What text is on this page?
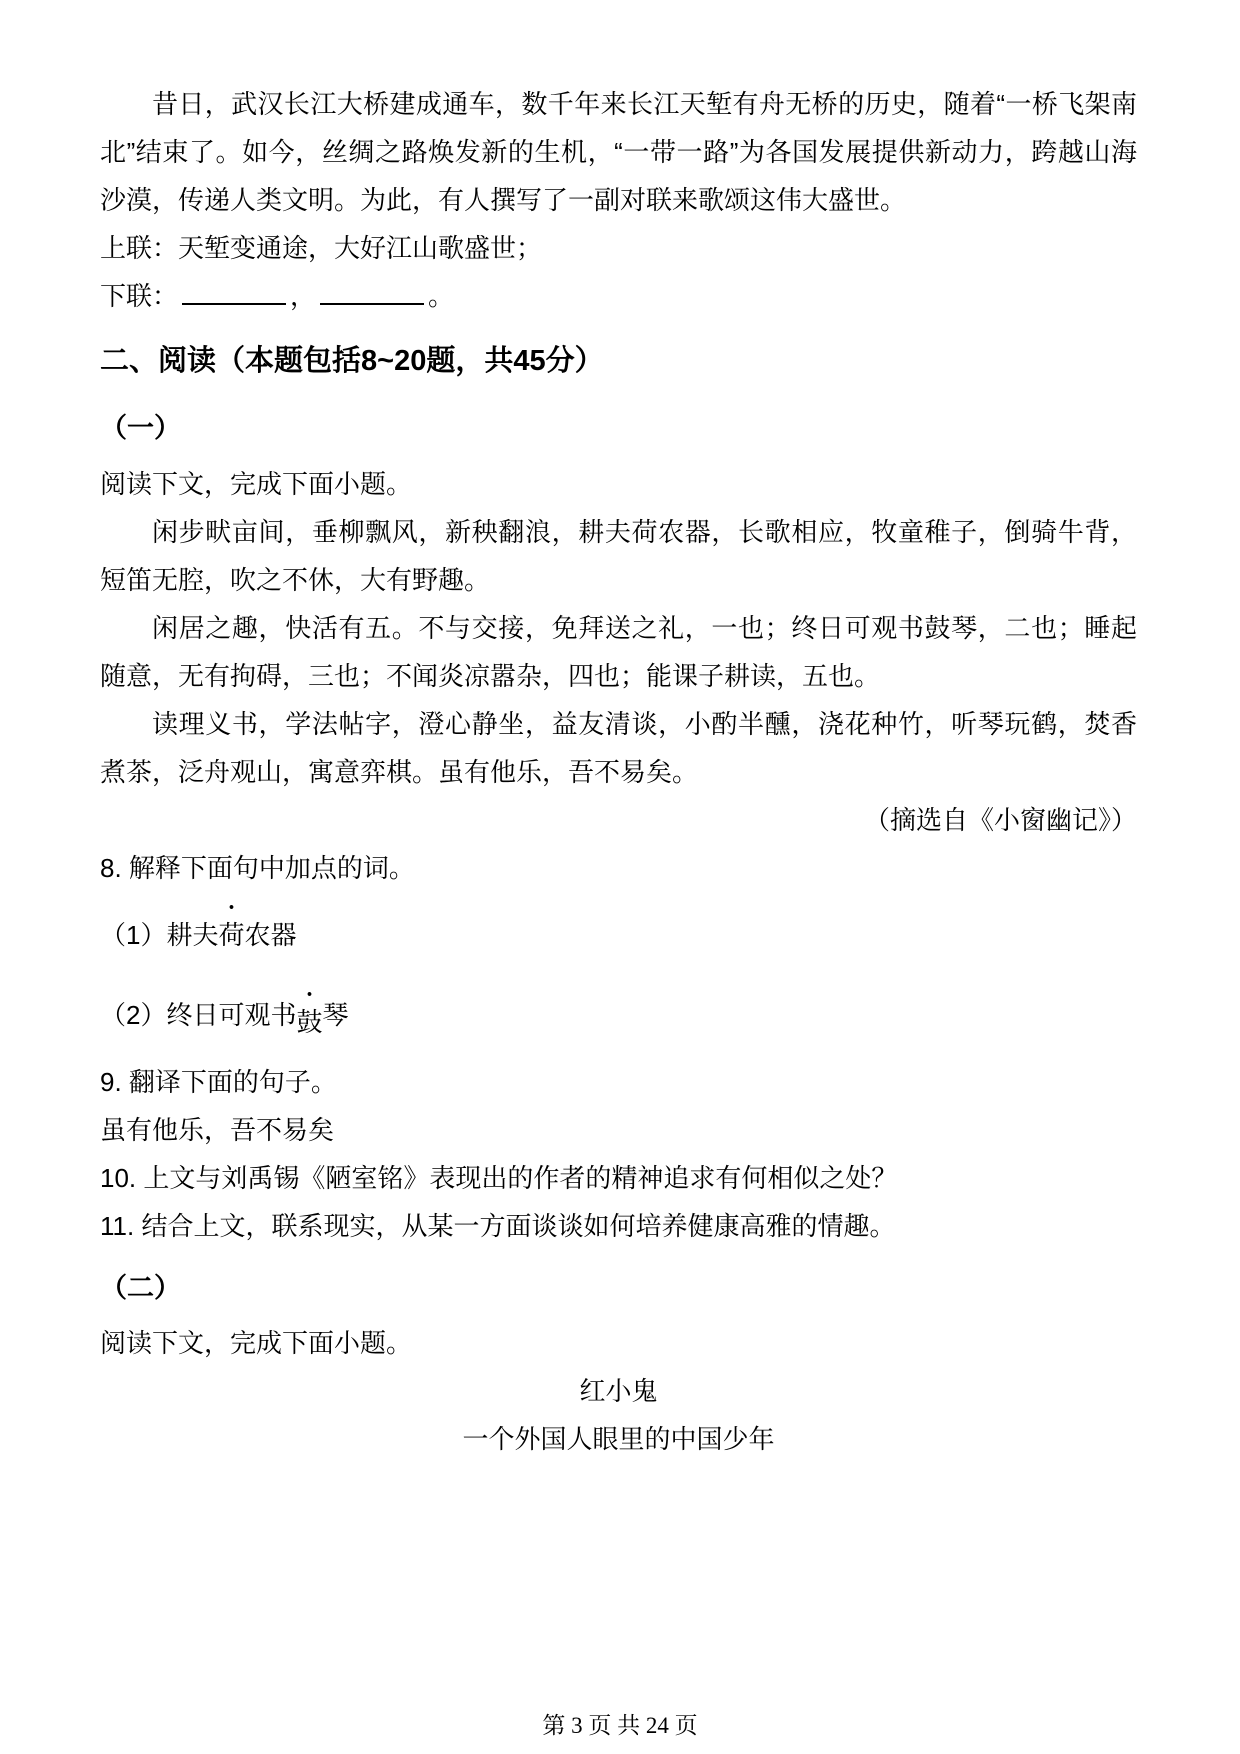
昔日，武汉长江大桥建成通车，数千年来长江天堑有舟无桥的历史，随着“一桥飞架南北”结束了。如今，丝绸之路焕发新的生机，“一带一路”为各国发展提供新动力，跨越山海沙漠，传递人类文明。为此，有人撰写了一副对联来歌颂这伟大盛世。

上联：天堑变通途，大好江山歌盛世；

下联：	，	。

二、阅读（本题包括8~20题，共45分）

（一）

阅读下文，完成下面小题。

闲步畎亩间，垂柳飘风，新秧翻浪，耕夫荷农器，长歌相应，牧童稚子，倒骑牛背，短笛无腔，吹之不休，大有野趣。

闲居之趣，快活有五。不与交接，免拜送之礼，一也；终日可观书鼓琴，二也；睡起随意，无有拘碍，三也；不闻炎凉嚣杂，四也；能课子耕读，五也。

读理义书，学法帖字，澄心静坐，益友清谈，小酌半醺，浇花种竹，听琴玩鹤，焚香煮茶，泛舟观山，寓意弈棋。虽有他乐，吾不易矣。

（摘选自《小窗幽记》）

8. 解释下面句中加点的词。

（1）耕夫荷农器

（2）终日可观书鼓琴

9. 翻译下面的句子。

虽有他乐，吾不易矣

10. 上文与刘禹锡《陋室铭》表现出的作者的精神追求有何相似之处？

11. 结合上文，联系现实，从某一方面谈谈如何培养健康高雅的情趣。

（二）

阅读下文，完成下面小题。

红小鬼

一个外国人眼里的中国少年

第 3 页 共 24 页
